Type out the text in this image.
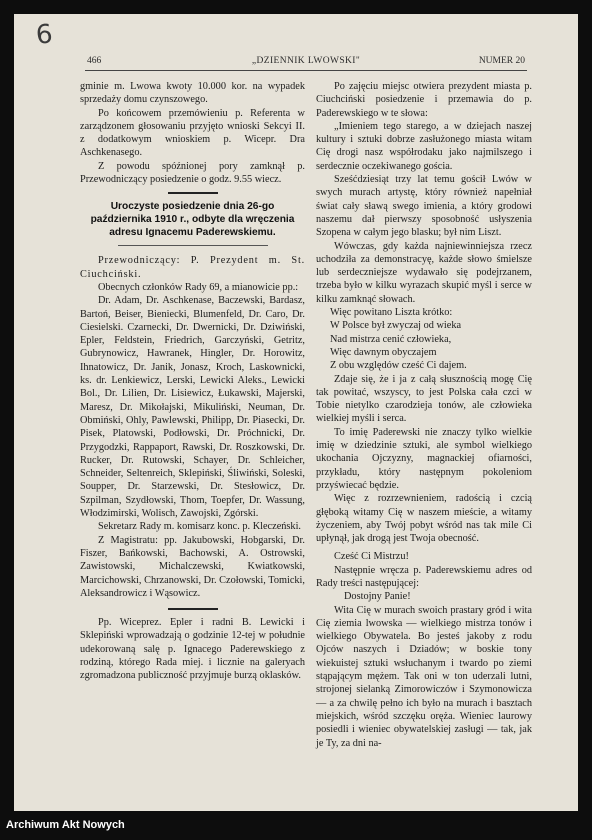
6
466	„DZIENNIK LWOWSKI"	NUMER 20

gminie m. Lwowa kwoty 10.000 kor. na wypadek sprzedaży domu czynszowego.

Po końcowem przemówieniu p. Referenta w zarządzonem głosowaniu przyjęto wnioski Sekcyi II. z dodatkowym wnioskiem p. Wicepr. Dra Aschkenasego.

Z powodu spóźnionej pory zamknął p. Przewodniczący posiedzenie o godz. 9.55 wiecz.

Uroczyste posiedzenie dnia 26-go października 1910 r., odbyte dla wręczenia adresu Ignacemu Paderewskiemu.

Przewodniczący: P. Prezydent m. St. Ciuchciński.

Obecnych członków Rady 69, a mianowicie pp.:

Dr. Adam, Dr. Aschkenase, Baczewski, Bardasz, Bartoń, Beiser, Bieniecki, Blumenfeld, Dr. Caro, Dr. Ciesielski. Czarnecki, Dr. Dwernicki, Dr. Dziwiński, Epler, Feldstein, Friedrich, Garczyński, Getritz, Gubrynowicz, Hawranek, Hingler, Dr. Horowitz, Ihnatowicz, Dr. Janik, Jonasz, Kroch, Laskownicki, ks. dr. Lenkiewicz, Lerski, Lewicki Aleks., Lewicki Bol., Dr. Lilien, Dr. Lisiewicz, Łukawski, Majerski, Maresz, Dr. Mikołajski, Mikuliński, Neuman, Dr. Obmiński, Ohly, Pawlewski, Philipp, Dr. Piasecki, Dr. Pisek, Platowski, Podłowski, Dr. Próchnicki, Dr. Przygodzki, Rappaport, Rawski, Dr. Roszkowski, Dr. Rucker, Dr. Rutowski, Schayer, Dr. Schleicher, Schneider, Seltenreich, Sklepiński, Śliwiński, Soleski, Soupper, Dr. Starzewski, Dr. Stesłowicz, Dr. Szpilman, Szydłowski, Thom, Toepfer, Dr. Wassung, Włodzimirski, Wolisch, Zawojski, Zgórski.

Sekretarz Rady m. komisarz konc. p. Kleczeński.

Z Magistratu: pp. Jakubowski, Hobgarski, Dr. Fiszer, Bańkowski, Bachowski, A. Ostrowski, Zawistowski, Michalczewski, Kwiatkowski, Marcichowski, Chrzanowski, Dr. Czołowski, Tomicki, Aleksandrowicz i Wąsowicz.

Pp. Wiceprez. Epler i radni B. Lewicki i Sklepiński wprowadzają o godzinie 12-tej w południe udekorowaną salę p. Ignacego Paderewskiego z rodziną, którego Rada miej. i licznie na galeryach zgromadzona publiczność przyjmuje burzą oklasków.

Po zajęciu miejsc otwiera prezydent miasta p. Ciuchciński posiedzenie i przemawia do p. Paderewskiego w te słowa:

„Imieniem tego starego, a w dziejach naszej kultury i sztuki dobrze zasłużonego miasta witam Cię drogi nasz współrodaku jako najmilszego i serdecznie oczekiwanego gościa.

Sześćdziesiąt trzy lat temu gościł Lwów w swych murach artystę, który również napełniał świat cały sławą swego imienia, a który grodowi naszemu dał pierwszy sposobność usłyszenia Szopena w całym jego blasku; był nim Liszt.

Wówczas, gdy każda najniewinniejsza rzecz uchodziła za demonstracyę, każde słowo śmielsze lub serdeczniejsze wydawało się podejrzanem, trzeba było w kilku wyrazach skupić myśl i serce w kilku zamknąć słowach.

Więc powitano Liszta krótko:

W Polsce był zwyczaj od wieka

Nad mistrza cenić człowieka,

Więc dawnym obyczajem

Z obu względów cześć Ci dajem.

Zdaje się, że i ja z całą słusznością mogę Cię tak powitać, wszyscy, to jest Polska cała czci w Tobie nietylko czarodzieja tonów, ale człowieka wielkiej myśli i serca.

To imię Paderewski nie znaczy tylko wielkie imię w dziedzinie sztuki, ale symbol wielkiego ukochania Ojczyzny, magnackiej ofiarności, przykładu, który następnym pokoleniom przyświecać będzie.

Więc z rozrzewnieniem, radością i czcią głęboką witamy Cię w naszem mieście, a witamy życzeniem, aby Twój pobyt wśród nas tak mile Ci upłynął, jak drogą jest Twoja obecność.

Cześć Ci Mistrzu!

Następnie wręcza p. Paderewskiemu adres od Rady treści następującej:

Dostojny Panie!

Wita Cię w murach swoich prastary gród i wita Cię ziemia lwowska — wielkiego mistrza tonów i wielkiego Obywatela. Bo jesteś jakoby z rodu Ojców naszych i Dziadów; w boskie tony wiekuistej sztuki wsłuchanym i twardo po ziemi stąpającym mężem. Tak oni w ton uderzali lutni, strojonej sielanką Zimorowiczów i Szymonowicza — a za chwilę pełno ich było na murach i basztach miejskich, wśród szczęku oręża. Wieniec laurowy posiedli i wieniec obywatelskiej zasługi — tak, jak je Ty, za dni na-

Archiwum Akt Nowych
